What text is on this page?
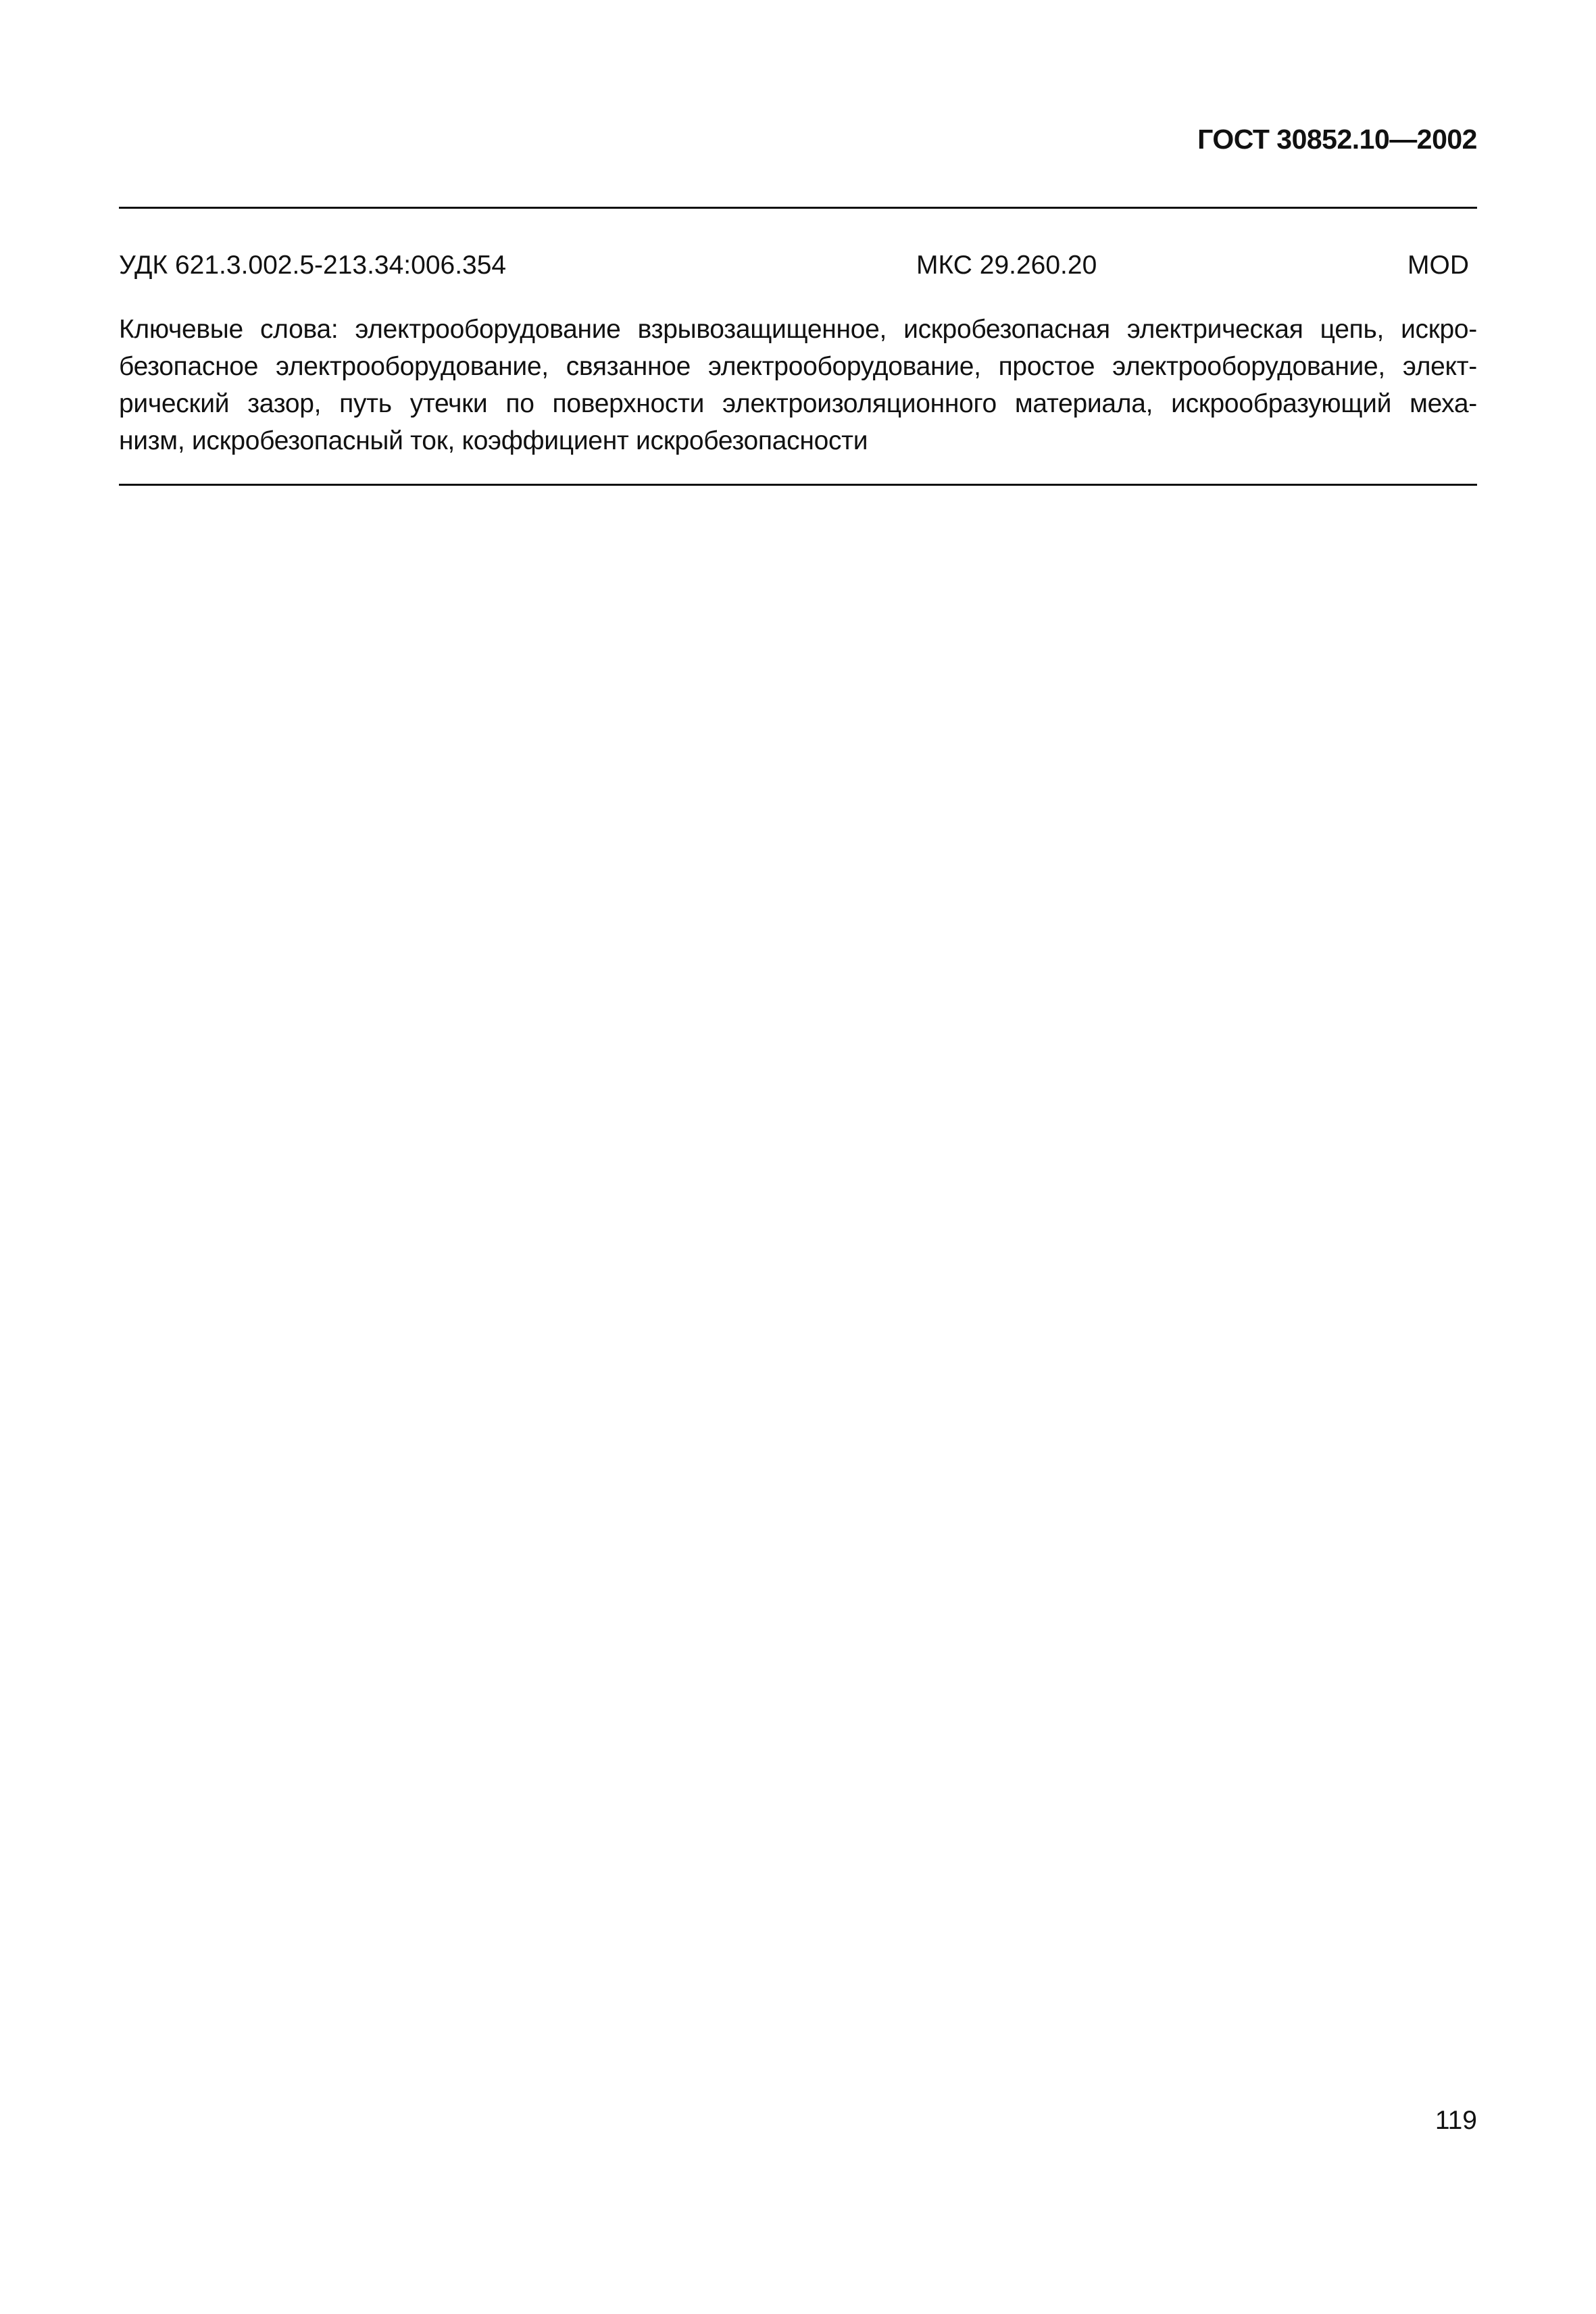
ГОСТ 30852.10—2002
УДК 621.3.002.5-213.34:006.354	МКС 29.260.20	MOD
Ключевые слова: электрооборудование взрывозащищенное, искробезопасная электрическая цепь, искро-
безопасное электрооборудование, связанное электрооборудование, простое электрооборудование, элект-
рический зазор, путь утечки по поверхности электроизоляционного материала, искрообразующий меха-
низм, искробезопасный ток, коэффициент искробезопасности
119
